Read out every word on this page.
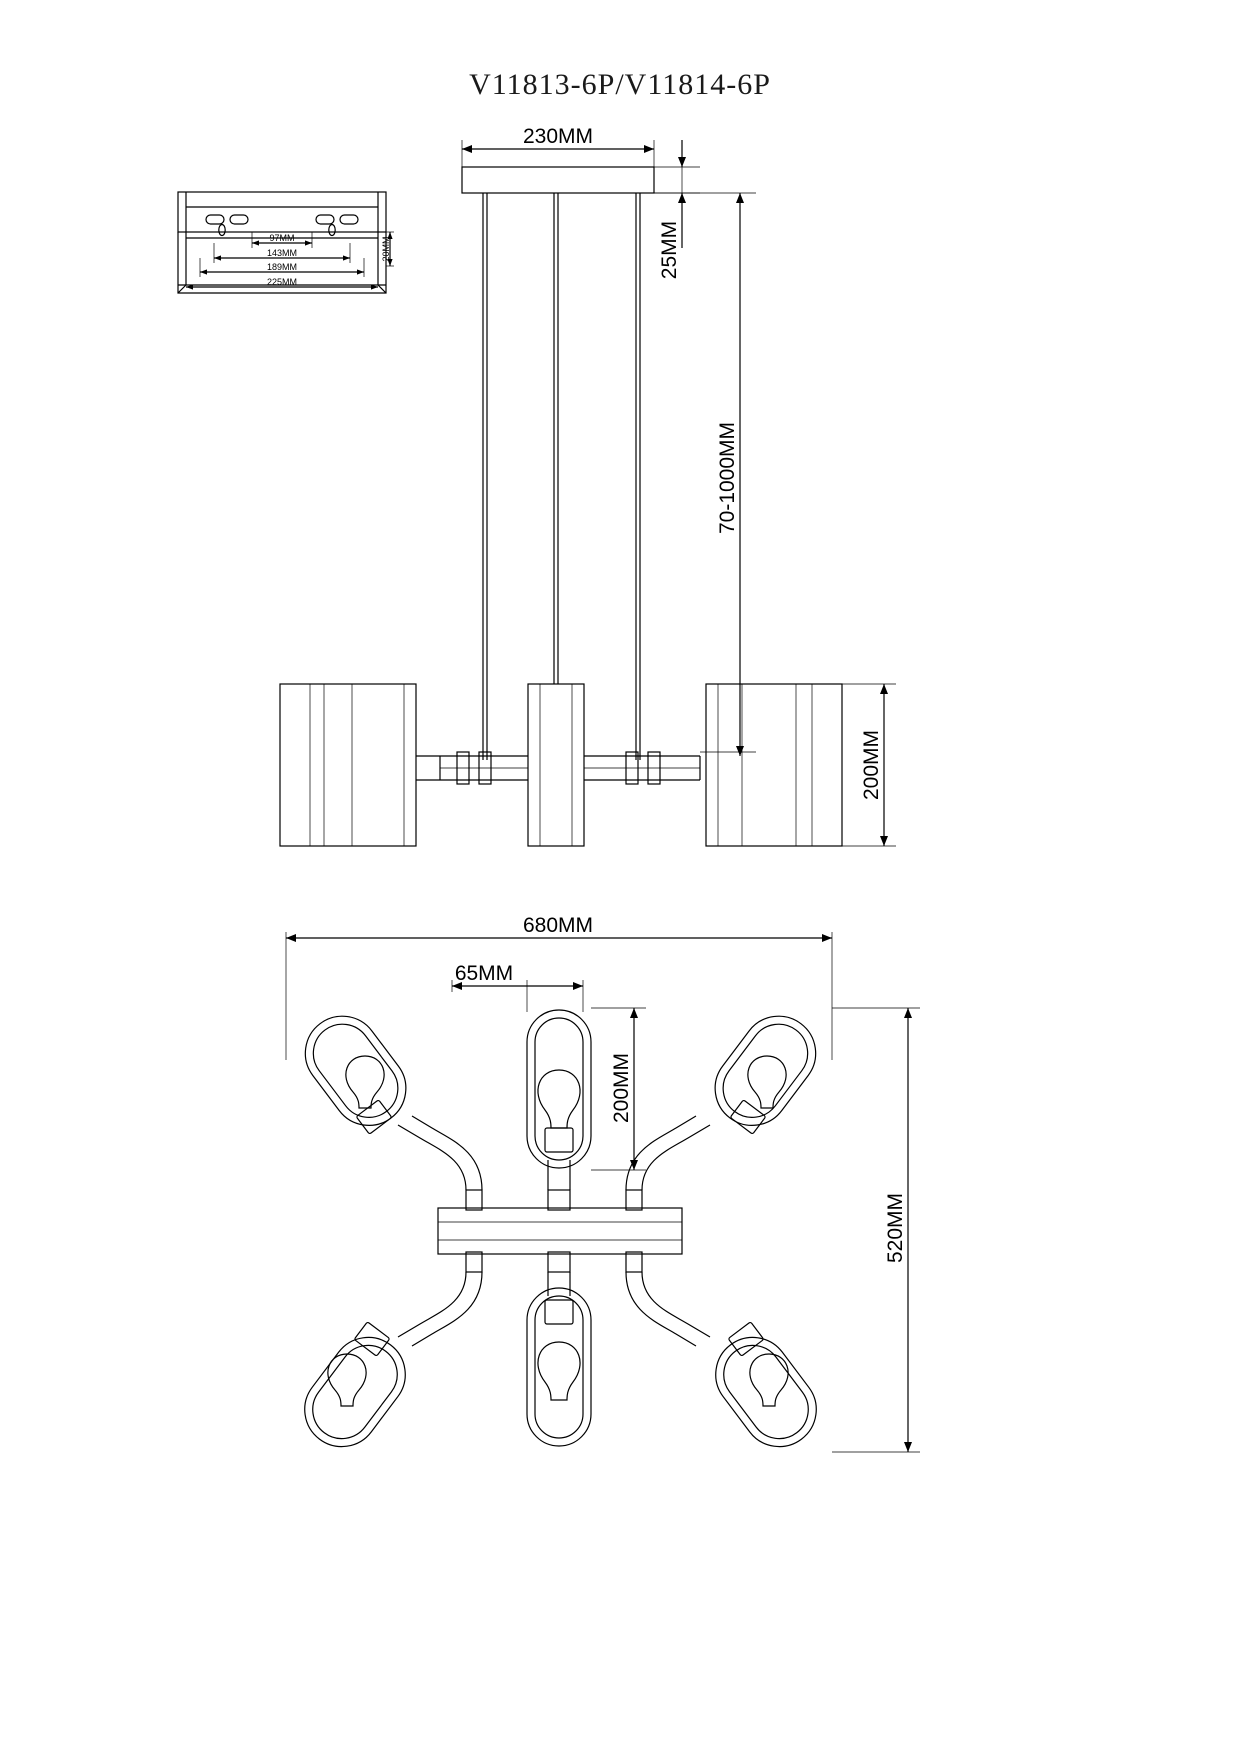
V11813-6P/V11814-6P
230MM
25MM
70-1000MM
200MM
680MM
65MM
200MM
520MM
97MM
143MM
189MM
225MM
20MM
